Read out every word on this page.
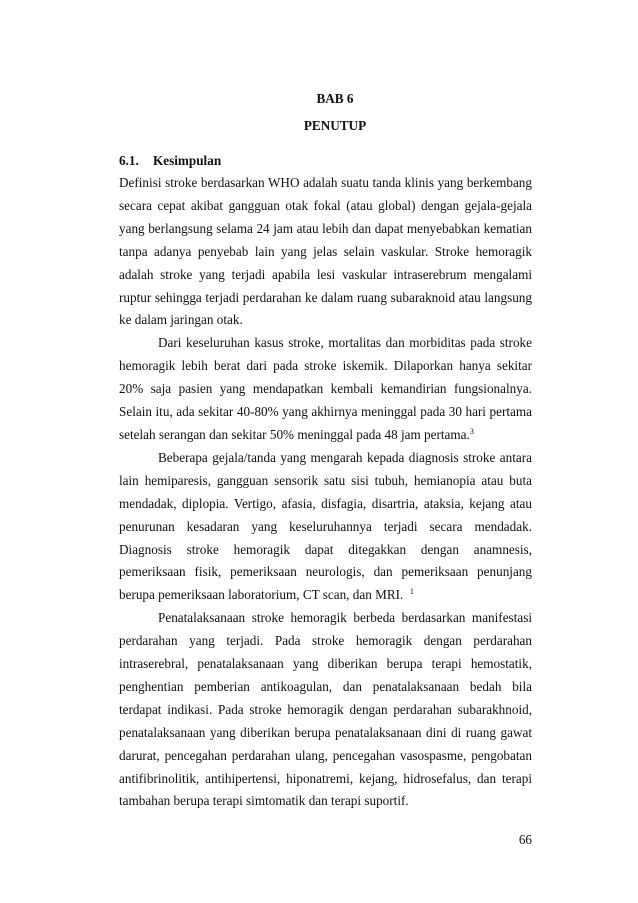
BAB 6
PENUTUP
6.1. Kesimpulan

Definisi stroke berdasarkan WHO adalah suatu tanda klinis yang berkembang secara cepat akibat gangguan otak fokal (atau global) dengan gejala-gejala yang berlangsung selama 24 jam atau lebih dan dapat menyebabkan kematian tanpa adanya penyebab lain yang jelas selain vaskular. Stroke hemoragik adalah stroke yang terjadi apabila lesi vaskular intraserebrum mengalami ruptur sehingga terjadi perdarahan ke dalam ruang subaraknoid atau langsung ke dalam jaringan otak.

Dari keseluruhan kasus stroke, mortalitas dan morbiditas pada stroke hemoragik lebih berat dari pada stroke iskemik. Dilaporkan hanya sekitar 20% saja pasien yang mendapatkan kembali kemandirian fungsionalnya. Selain itu, ada sekitar 40-80% yang akhirnya meninggal pada 30 hari pertama setelah serangan dan sekitar 50% meninggal pada 48 jam pertama.$^3$

Beberapa gejala/tanda yang mengarah kepada diagnosis stroke antara lain hemiparesis, gangguan sensorik satu sisi tubuh, hemianopia atau buta mendadak, diplopia. Vertigo, afasia, disfagia, disartria, ataksia, kejang atau penurunan kesadaran yang keseluruhannya terjadi secara mendadak. Diagnosis stroke hemoragik dapat ditegakkan dengan anamnesis, pemeriksaan fisik, pemeriksaan neurologis, dan pemeriksaan penunjang berupa pemeriksaan laboratorium, CT scan, dan MRI. $^1$

Penatalaksanaan stroke hemoragik berbeda berdasarkan manifestasi perdarahan yang terjadi. Pada stroke hemoragik dengan perdarahan intraserebral, penatalaksanaan yang diberikan berupa terapi hemostatik, penghentian pemberian antikoagulan, dan penatalaksanaan bedah bila terdapat indikasi. Pada stroke hemoragik dengan perdarahan subarakhnoid, penatalaksanaan yang diberikan berupa penatalaksanaan dini di ruang gawat darurat, pencegahan perdarahan ulang, pencegahan vasospasme, pengobatan antifibrinolitik, antihipertensi, hiponatremi, kejang, hidrosefalus, dan terapi tambahan berupa terapi simtomatik dan terapi suportif.

66
